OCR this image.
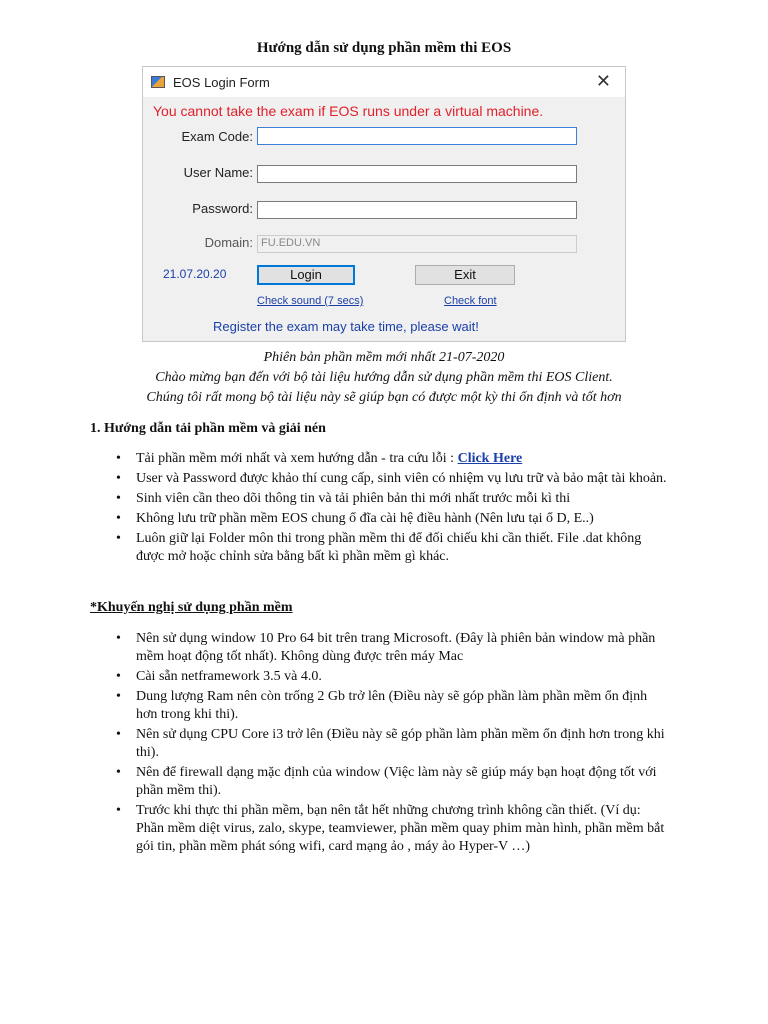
Hướng dẫn sử dụng phần mềm thi EOS
EOS Login Form	✕
You cannot take the exam if EOS runs under a virtual machine.
Exam Code:
User Name:
Password:
Domain: FU.EDU.VN
21.07.20.20	Login	Exit
Check sound (7 secs)	Check font
Register the exam may take time, please wait!
Phiên bản phần mềm mới nhất 21-07-2020
Chào mừng bạn đến với bộ tài liệu hướng dẫn sử dụng phần mềm thi EOS Client.
Chúng tôi rất mong bộ tài liệu này sẽ giúp bạn có được một kỳ thi ổn định và tốt hơn
1. Hướng dẫn tải phần mềm và giải nén
• Tải phần mềm mới nhất và xem hướng dẫn - tra cứu lỗi : Click Here
• User và Password được khảo thí cung cấp, sinh viên có nhiệm vụ lưu trữ và bảo mật tài khoản.
• Sinh viên cần theo dõi thông tin và tải phiên bản thi mới nhất trước mỗi kì thi
• Không lưu trữ phần mềm EOS chung ổ đĩa cài hệ điều hành (Nên lưu tại ổ D, E..)
• Luôn giữ lại Folder môn thi trong phần mềm thi để đối chiếu khi cần thiết. File .dat không được mở hoặc chỉnh sửa bằng bất kì phần mềm gì khác.
*Khuyến nghị sử dụng phần mềm
• Nên sử dụng window 10 Pro 64 bit trên trang Microsoft. (Đây là phiên bản window mà phần mềm hoạt động tốt nhất). Không dùng được trên máy Mac
• Cài sẵn netframework 3.5 và 4.0.
• Dung lượng Ram nên còn trống 2 Gb trở lên (Điều này sẽ góp phần làm phần mềm ổn định hơn trong khi thi).
• Nên sử dụng CPU Core i3 trở lên (Điều này sẽ góp phần làm phần mềm ổn định hơn trong khi thi).
• Nên để firewall dạng mặc định của window (Việc làm này sẽ giúp máy bạn hoạt động tốt với phần mềm thi).
• Trước khi thực thi phần mềm, bạn nên tắt hết những chương trình không cần thiết. (Ví dụ: Phần mềm diệt virus, zalo, skype, teamviewer, phần mềm quay phim màn hình, phần mềm bắt gói tin, phần mềm phát sóng wifi, card mạng ảo , máy ảo Hyper-V …)
